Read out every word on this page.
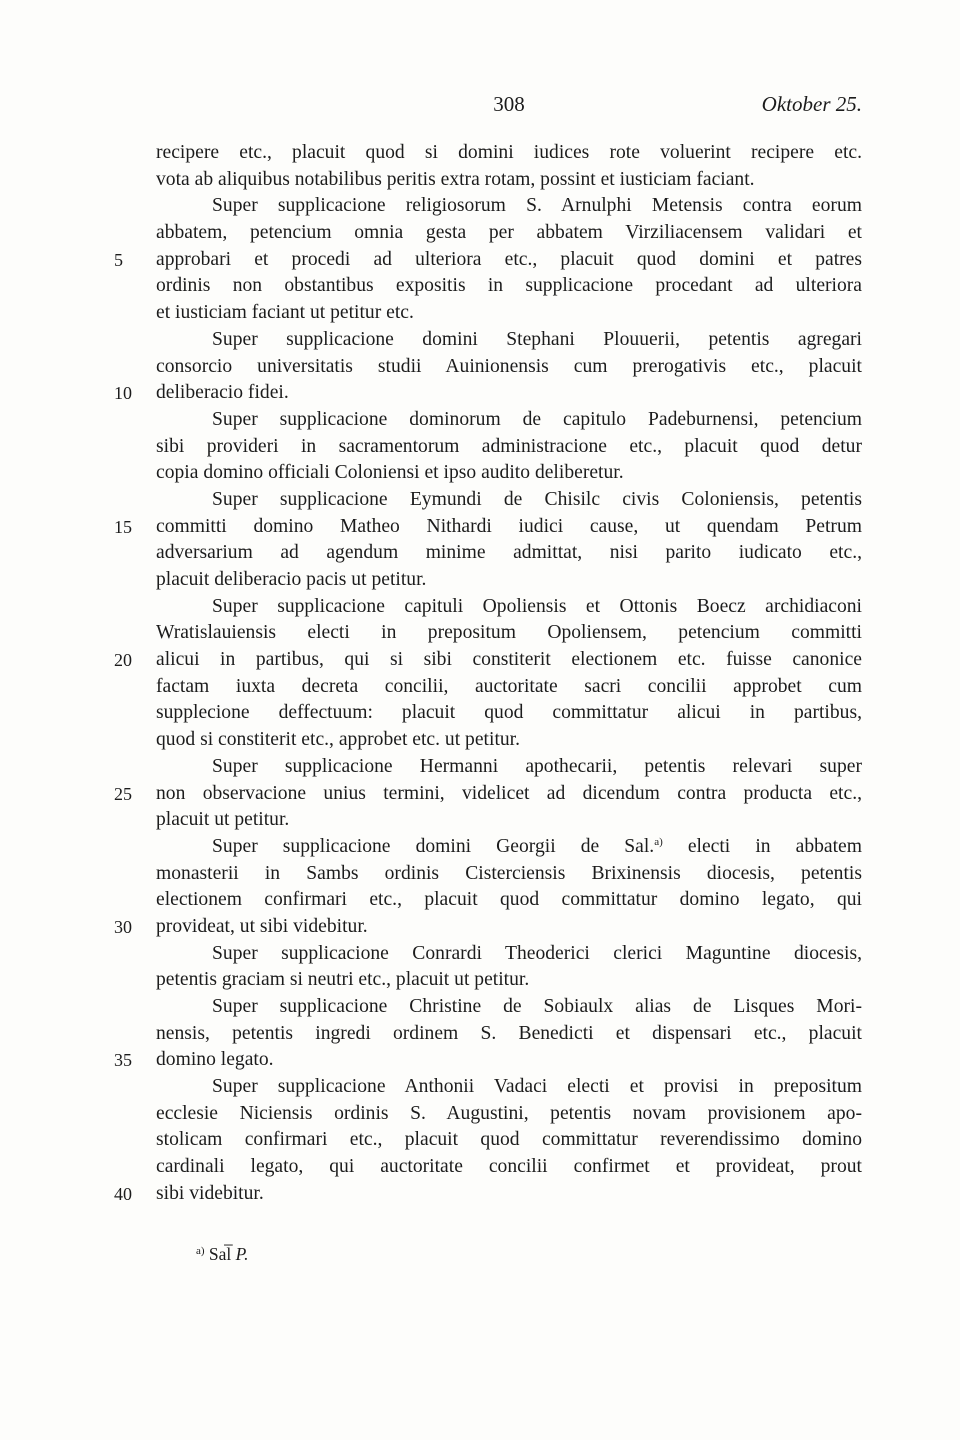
308	Oktober 25.
recipere etc., placuit quod si domini iudices rote voluerint recipere etc.
vota ab aliquibus notabilibus peritis extra rotam, possint et iusticiam faciant.
Super supplicacione religiosorum S. Arnulphi Metensis contra eorum
abbatem, petencium omnia gesta per abbatem Virziliacensem validari et
5	approbari et procedi ad ulteriora etc., placuit quod domini et patres
ordinis non obstantibus expositis in supplicacione procedant ad ulteriora
et iusticiam faciant ut petitur etc.
Super supplicacione domini Stephani Plouuerii, petentis agregari
consorcio universitatis studii Auinionensis cum prerogativis etc., placuit
10	deliberacio fidei.
Super supplicacione dominorum de capitulo Padeburnensi, petencium
sibi provideri in sacramentorum administracione etc., placuit quod detur
copia domino officiali Coloniensi et ipso audito deliberetur.
Super supplicacione Eymundi de Chisilc civis Coloniensis, petentis
15	committi domino Matheo Nithardi iudici cause, ut quendam Petrum
adversarium ad agendum minime admittat, nisi parito iudicato etc.,
placuit deliberacio pacis ut petitur.
Super supplicacione capituli Opoliensis et Ottonis Boecz archidiaconi
Wratislauiensis electi in prepositum Opoliensem, petencium committi
20	alicui in partibus, qui si sibi constiterit electionem etc. fuisse canonice
factam iuxta decreta concilii, auctoritate sacri concilii approbet cum
supplecione deffectuum: placuit quod committatur alicui in partibus,
quod si constiterit etc., approbet etc. ut petitur.
Super supplicacione Hermanni apothecarii, petentis relevari super
25	non observacione unius termini, videlicet ad dicendum contra producta etc.,
placuit ut petitur.
Super supplicacione domini Georgii de Sal.$^{a)}$ electi in abbatem
monasterii in Sambs ordinis Cisterciensis Brixinensis diocesis, petentis
electionem confirmari etc., placuit quod committatur domino legato, qui
30	provideat, ut sibi videbitur.
Super supplicacione Conrardi Theoderici clerici Maguntine diocesis,
petentis graciam si neutri etc., placuit ut petitur.
Super supplicacione Christine de Sobiaulx alias de Lisques Mori-
nensis, petentis ingredi ordinem S. Benedicti et dispensari etc., placuit
35	domino legato.
Super supplicacione Anthonii Vadaci electi et provisi in prepositum
ecclesie Niciensis ordinis S. Augustini, petentis novam provisionem apo-
stolicam confirmari etc., placuit quod committatur reverendissimo domino
cardinali legato, qui auctoritate concilii confirmet et provideat, prout
40	sibi videbitur.
$^{a)}$ Sal̅ P.
